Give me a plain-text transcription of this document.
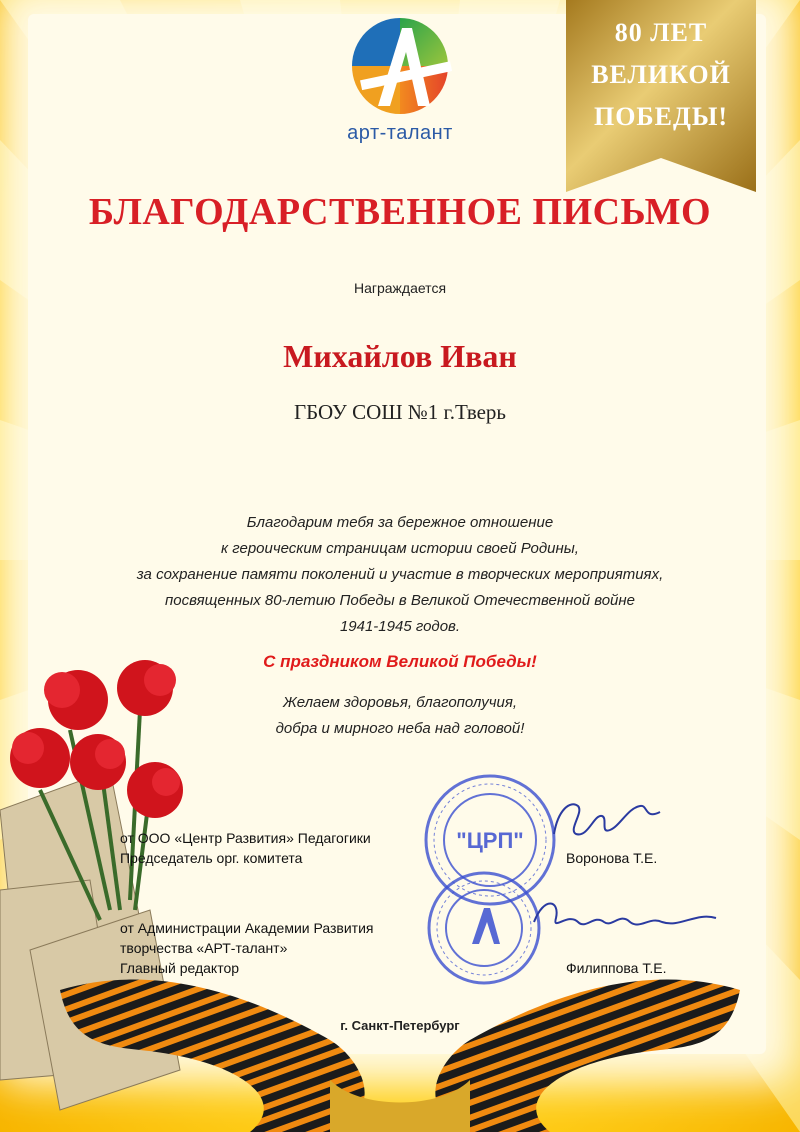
арт-талант
80 ЛЕТ
ВЕЛИКОЙ
ПОБЕДЫ!
БЛАГОДАРСТВЕННОЕ ПИСЬМО
Награждается
Михайлов Иван
ГБОУ СОШ №1 г.Тверь
Благодарим тебя за бережное отношение
к героическим страницам истории своей Родины,
за сохранение памяти поколений и участие в творческих мероприятиях,
посвященных 80-летию Победы в Великой Отечественной войне
1941-1945 годов.
С праздником Великой Победы!
Желаем здоровья, благополучия,
добра и мирного неба над головой!
от ООО «Центр Развития» Педагогики
Председатель орг. комитета	Воронова Т.Е.
от Администрации Академии Развития
творчества «АРТ-талант»
Главный редактор	Филиппова Т.Е.
"ЦРП"
г. Санкт-Петербург
